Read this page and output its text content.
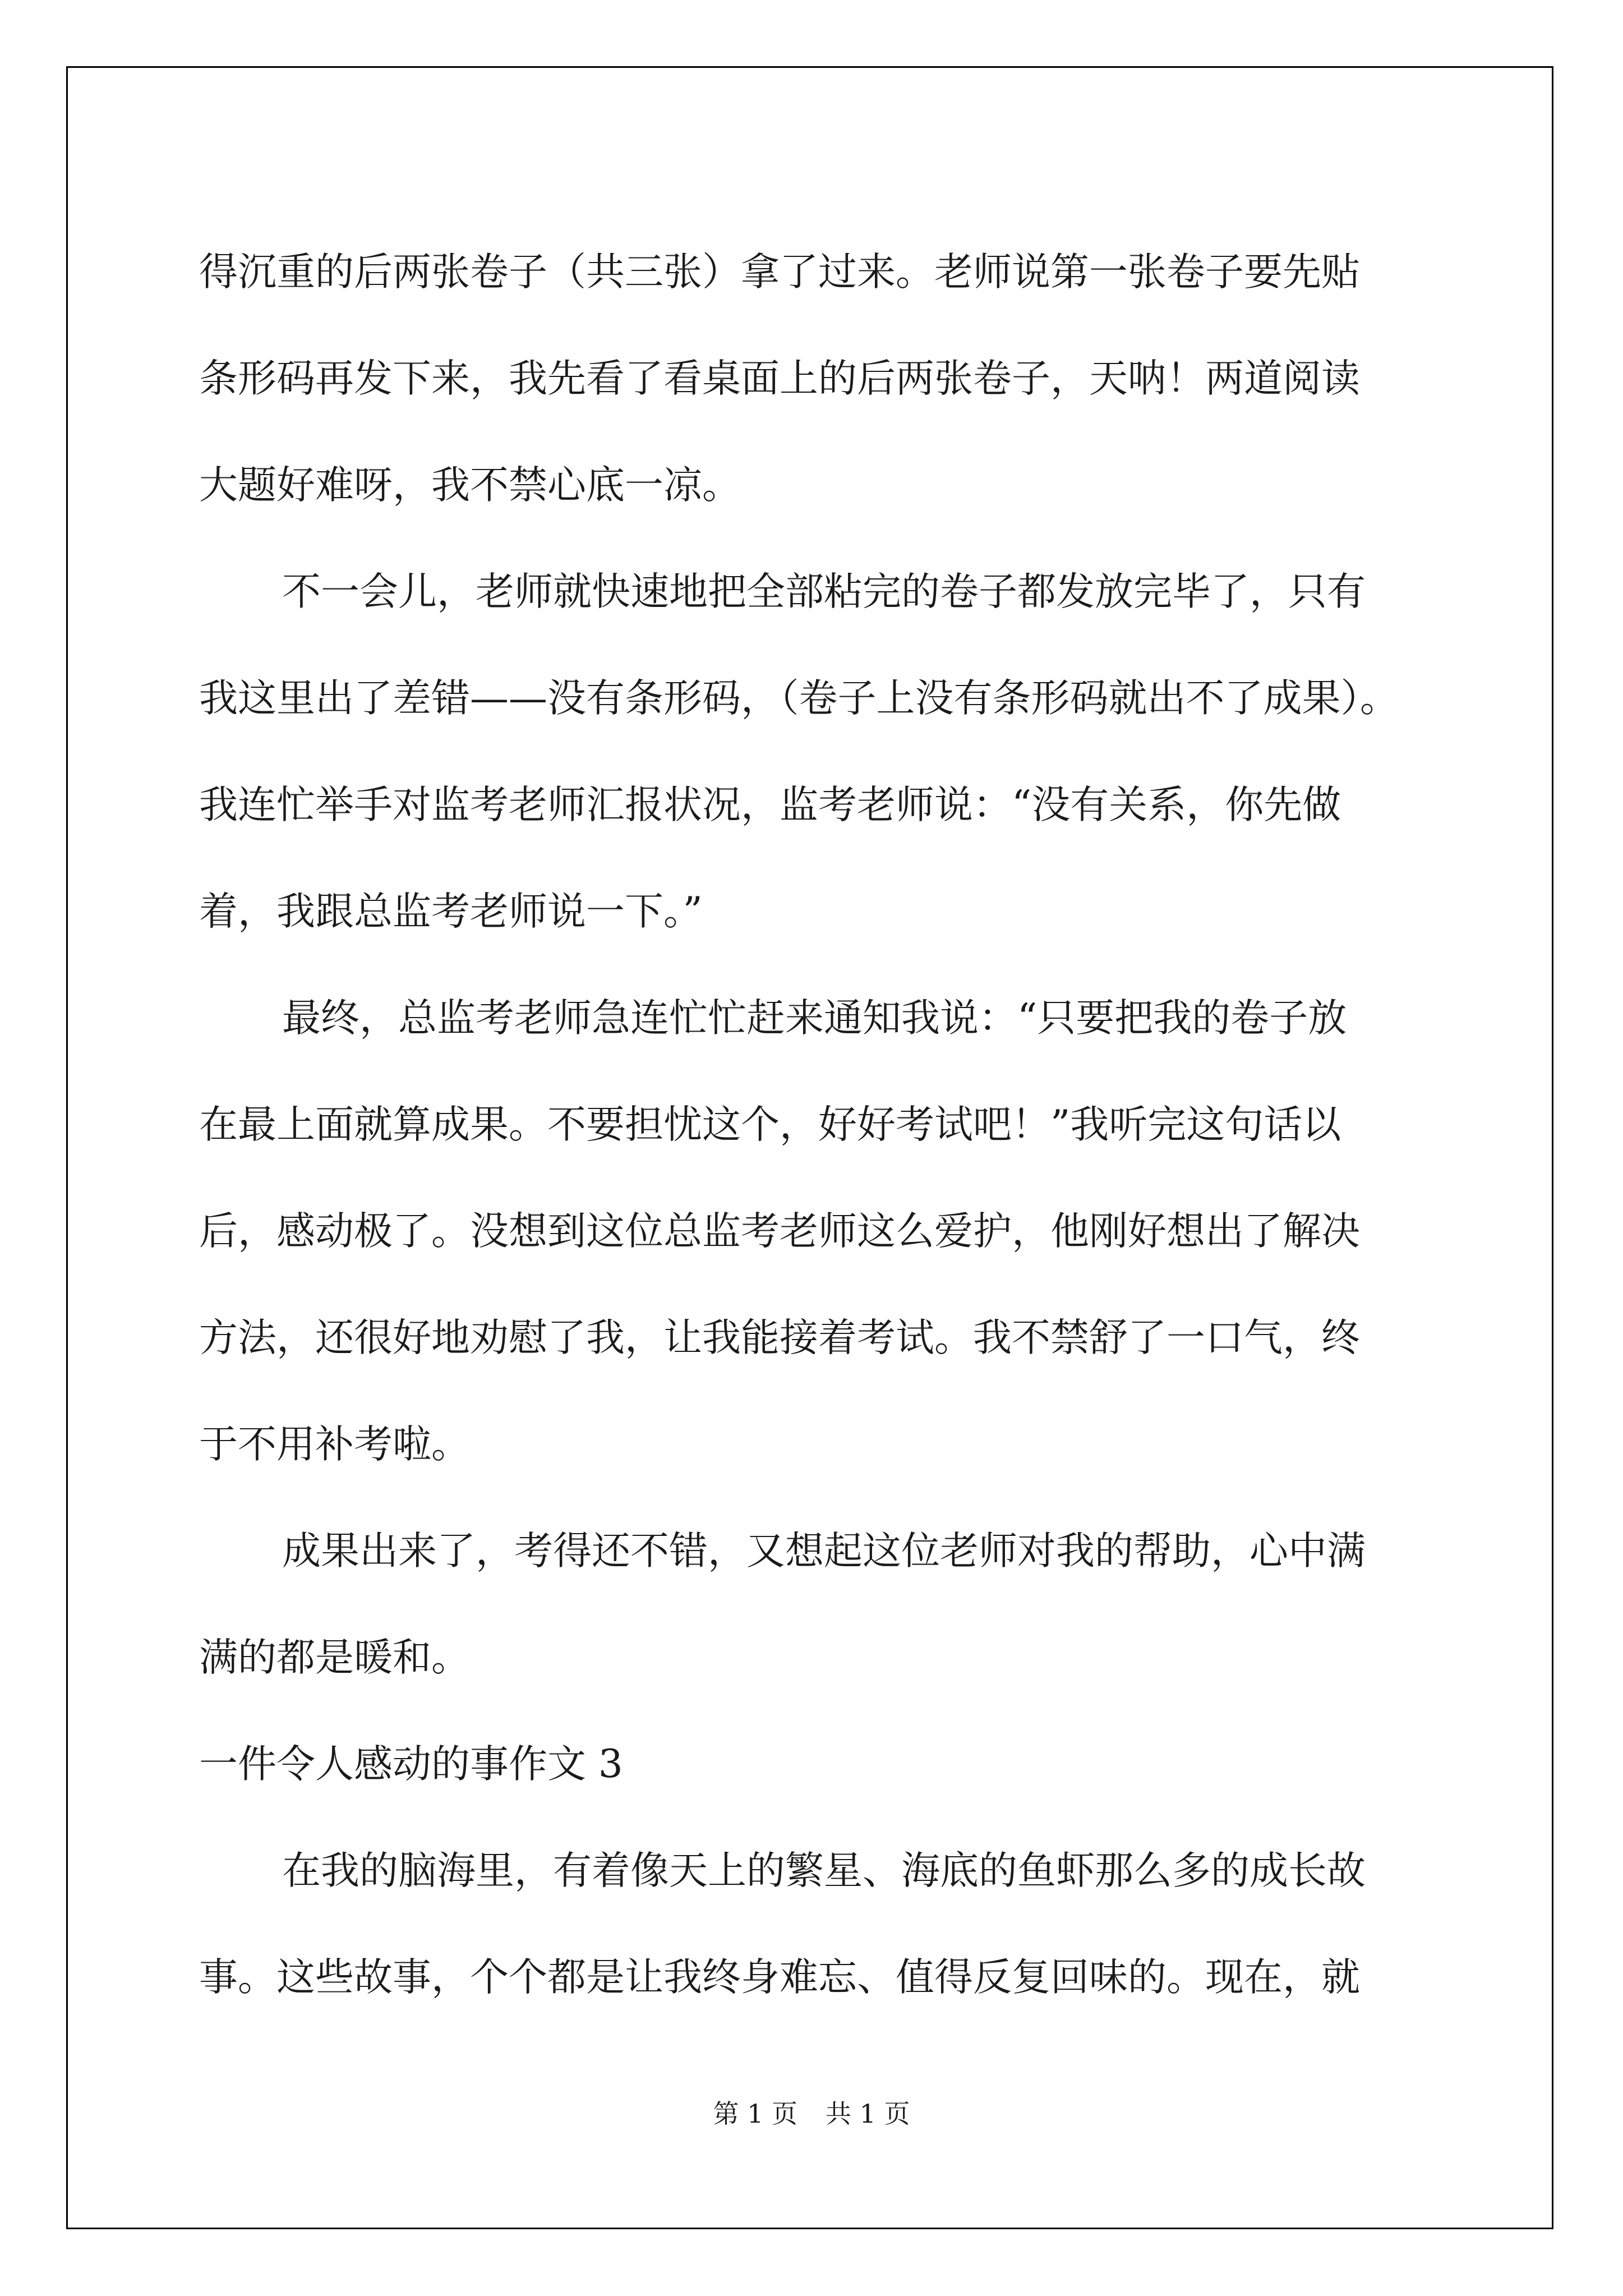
得沉重的后两张卷子（共三张）拿了过来。老师说第一张卷子要先贴

条形码再发下来，我先看了看桌面上的后两张卷子，天呐！两道阅读

大题好难呀，我不禁心底一凉。

不一会儿，老师就快速地把全部粘完的卷子都发放完毕了，只有

我这里出了差错——没有条形码，（卷子上没有条形码就出不了成果）。

我连忙举手对监考老师汇报状况，监考老师说：“没有关系，你先做

着，我跟总监考老师说一下。”

最终，总监考老师急连忙忙赶来通知我说：“只要把我的卷子放

在最上面就算成果。不要担忧这个，好好考试吧！”我听完这句话以

后，感动极了。没想到这位总监考老师这么爱护，他刚好想出了解决

方法，还很好地劝慰了我，让我能接着考试。我不禁舒了一口气，终

于不用补考啦。

成果出来了，考得还不错，又想起这位老师对我的帮助，心中满

满的都是暖和。

一件令人感动的事作文 3

在我的脑海里，有着像天上的繁星、海底的鱼虾那么多的成长故

事。这些故事，个个都是让我终身难忘、值得反复回味的。现在，就

第 1 页 共 1 页
